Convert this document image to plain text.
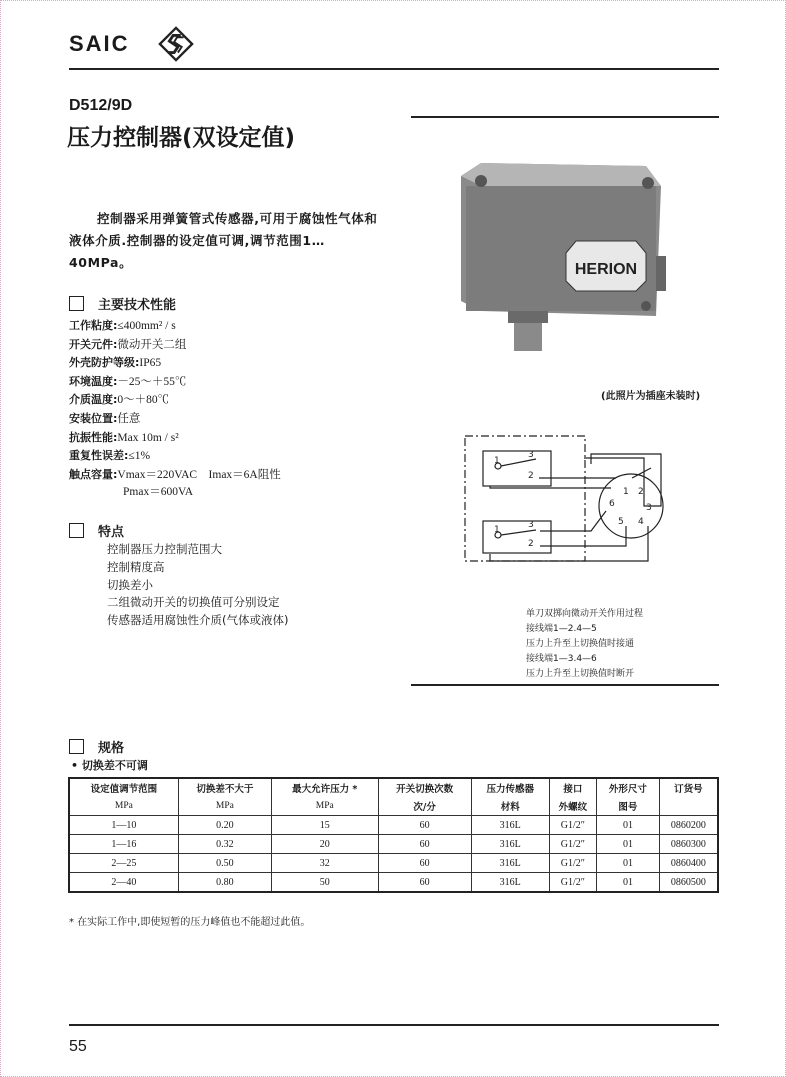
SAIC
D512/9D
压力控制器(双设定值)
控制器采用弹簧管式传感器,可用于腐蚀性气体和液体介质.控制器的设定值可调,调节范围1…40MPa。
主要技术性能
工作粘度:≤400mm² / s
开关元件:微动开关二组
外壳防护等级:IP65
环境温度:－25～＋55℃
介质温度:0～＋80℃
安装位置:任意
抗振性能:Max 10m / s²
重复性误差:≤1%
触点容量:Vmax＝220VAC　Imax＝6A阻性
Pmax＝600VA
特点
控制器压力控制范围大
控制精度高
切换差小
二组微动开关的切换值可分别设定
传感器适用腐蚀性介质(气体或液体)
HERION
(此照片为插座未装时)
1
3
2
1	3
2
1 2
3
4
5
6
单刀双掷向微动开关作用过程
接线端1—2.4—5
压力上升至上切换值时接通
接线端1—3.4—6
压力上升至上切换值时断开
规格
• 切换差不可调
设定值调节范围	切换差不大于	最大允许压力 *	开关切换次数	压力传感器	接口	外形尺寸	订货号
MPa	MPa	MPa	次/分	材料	外螺纹	图号	
1—10	0.20	15	60	316L	G1/2″	01	0860200
1—16	0.32	20	60	316L	G1/2″	01	0860300
2—25	0.50	32	60	316L	G1/2″	01	0860400
2—40	0.80	50	60	316L	G1/2″	01	0860500
* 在实际工作中,即使短暂的压力峰值也不能超过此值。
55
